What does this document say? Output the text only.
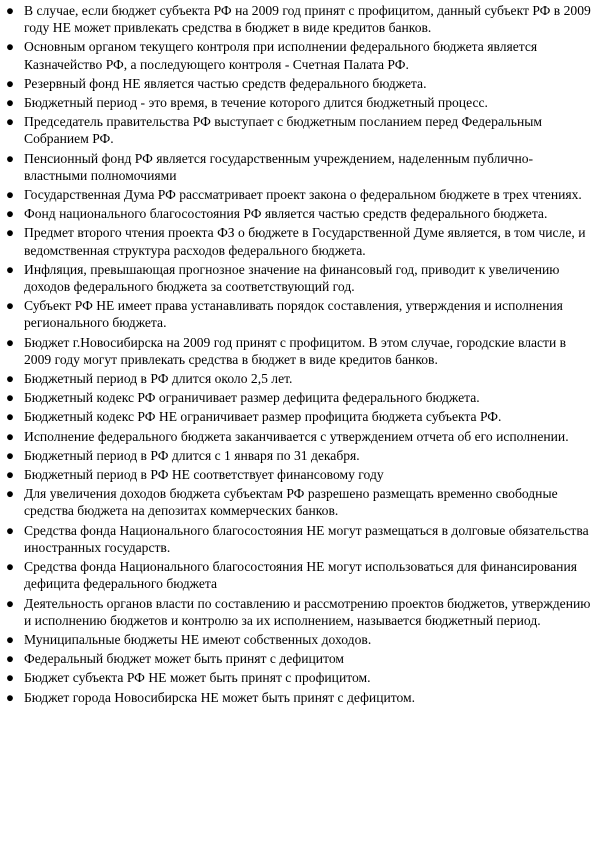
● В случае, если бюджет субъекта РФ на 2009 год принят с профицитом, данный субъект РФ в 2009 году НЕ может привлекать средства в бюджет в виде кредитов банков.
● Основным органом текущего контроля при исполнении федерального бюджета является Казначейство РФ, а последующего контроля - Счетная Палата РФ.
● Резервный фонд НЕ является частью средств федерального бюджета.
● Бюджетный период - это время, в течение которого длится бюджетный процесс.
● Председатель правительства РФ выступает с бюджетным посланием перед Федеральным Собранием РФ.
● Пенсионный фонд РФ является государственным учреждением, наделенным публично-властными полномочиями
● Государственная Дума РФ рассматривает проект закона о федеральном бюджете в трех чтениях.
● Фонд национального благосостояния РФ является частью средств федерального бюджета.
● Предмет второго чтения проекта ФЗ о бюджете в Государственной Думе является, в том числе, и ведомственная структура расходов федерального бюджета.
● Инфляция, превышающая прогнозное значение на финансовый год, приводит к увеличению доходов федерального бюджета за соответствующий год.
● Субъект РФ НЕ имеет права устанавливать порядок составления, утверждения и исполнения регионального бюджета.
● Бюджет г.Новосибирска на 2009 год принят с профицитом. В этом случае, городские власти в 2009 году могут привлекать средства в бюджет в виде кредитов банков.
● Бюджетный период в РФ длится около 2,5 лет.
● Бюджетный кодекс РФ ограничивает размер дефицита федерального бюджета.
● Бюджетный кодекс РФ НЕ ограничивает размер профицита бюджета субъекта РФ.
● Исполнение федерального бюджета заканчивается с утверждением отчета об его исполнении.
● Бюджетный период в РФ длится с 1 января по 31 декабря.
● Бюджетный период в РФ НЕ соответствует финансовому году
● Для увеличения доходов бюджета субъектам РФ разрешено размещать временно свободные средства бюджета на депозитах коммерческих банков.
● Средства фонда Национального благосостояния НЕ могут размещаться в долговые обязательства иностранных государств.
● Средства фонда Национального благосостояния НЕ могут использоваться для финансирования дефицита федерального бюджета
● Деятельность органов власти по составлению и рассмотрению проектов бюджетов, утверждению и исполнению бюджетов и контролю за их исполнением, называется бюджетный период.
● Муниципальные бюджеты НЕ имеют собственных доходов.
● Федеральный бюджет может быть принят с дефицитом
● Бюджет субъекта РФ НЕ может быть принят с профицитом.
● Бюджет города Новосибирска НЕ может быть принят с дефицитом.
